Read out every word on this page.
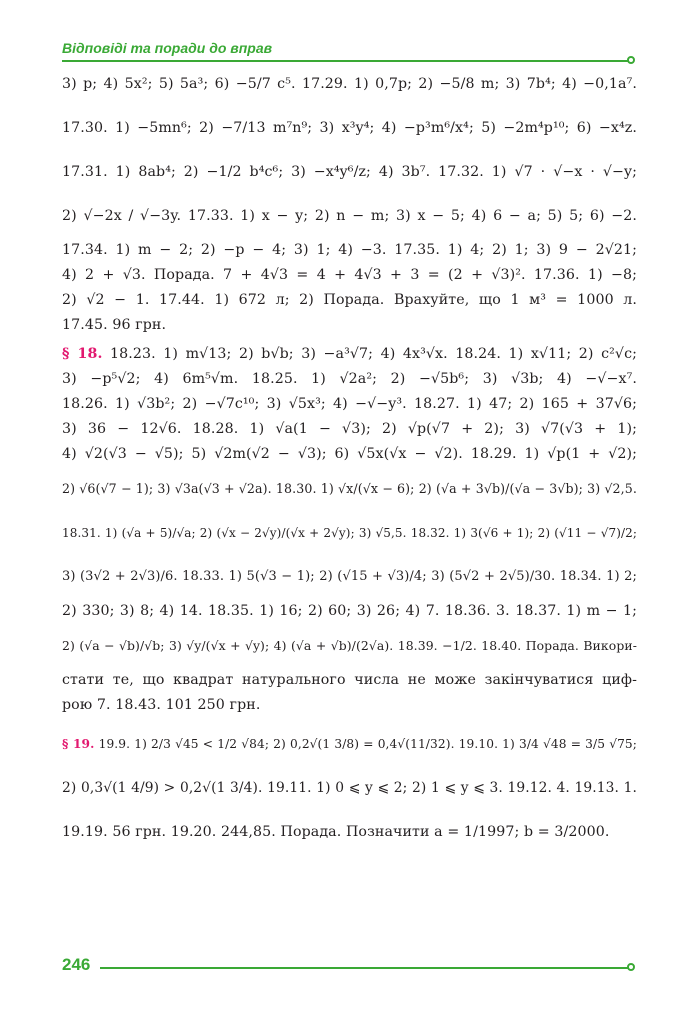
Відповіді та поради до вправ
3) p; 4) 5x²; 5) 5a³; 6) −5/7 c⁵. 17.29. 1) 0,7p; 2) −5/8 m; 3) 7b⁴; 4) −0,1a⁷.
17.30. 1) −5mn⁶; 2) −7/13 m⁷n⁹; 3) x³y⁴; 4) −p³m⁶/x⁴; 5) −2m⁴p¹⁰; 6) −x⁴z.
17.31. 1) 8ab⁴; 2) −1/2 b⁴c⁶; 3) −x⁴y⁶/z; 4) 3b⁷. 17.32. 1) √7 · √−x · √−y;
2) √−2x / √−3y. 17.33. 1) x − y; 2) n − m; 3) x − 5; 4) 6 − a; 5) 5; 6) −2.
17.34. 1) m − 2; 2) −p − 4; 3) 1; 4) −3. 17.35. 1) 4; 2) 1; 3) 9 − 2√21;
4) 2 + √3. Порада. 7 + 4√3 = 4 + 4√3 + 3 = (2 + √3)². 17.36. 1) −8;
2) √2 − 1. 17.44. 1) 672 л; 2) Порада. Врахуйте, що 1 м³ = 1000 л.
17.45. 96 грн.
§ 18. 18.23. 1) m√13; 2) b√b; 3) −a³√7; 4) 4x³√x. 18.24. 1) x√11; 2) c²√c;
3) −p⁵√2; 4) 6m⁵√m. 18.25. 1) √2a²; 2) −√5b⁶; 3) √3b; 4) −√−x⁷.
18.26. 1) √3b²; 2) −√7c¹⁰; 3) √5x³; 4) −√−y³. 18.27. 1) 47; 2) 165 + 37√6;
3) 36 − 12√6. 18.28. 1) √a(1 − √3); 2) √p(√7 + 2); 3) √7(√3 + 1);
4) √2(√3 − √5); 5) √2m(√2 − √3); 6) √5x(√x − √2). 18.29. 1) √p(1 + √2);
2) √6(√7 − 1); 3) √3a(√3 + √2a). 18.30. 1) √x/(√x − 6); 2) (√a + 3√b)/(√a − 3√b); 3) √2,5.
18.31. 1) (√a + 5)/√a; 2) (√x − 2√y)/(√x + 2√y); 3) √5,5. 18.32. 1) 3(√6 + 1); 2) (√11 − √7)/2;
3) (3√2 + 2√3)/6. 18.33. 1) 5(√3 − 1); 2) (√15 + √3)/4; 3) (5√2 + 2√5)/30. 18.34. 1) 2;
2) 330; 3) 8; 4) 14. 18.35. 1) 16; 2) 60; 3) 26; 4) 7. 18.36. 3. 18.37. 1) m − 1;
2) (√a − √b)/√b; 3) √y/(√x + √y); 4) (√a + √b)/(2√a). 18.39. −1/2. 18.40. Порада. Викори-
стати те, що квадрат натурального числа не може закінчуватися циф-
рою 7. 18.43. 101 250 грн.
§ 19. 19.9. 1) 2/3 √45 < 1/2 √84; 2) 0,2√(1 3/8) = 0,4√(11/32). 19.10. 1) 3/4 √48 = 3/5 √75;
2) 0,3√(1 4/9) > 0,2√(1 3/4). 19.11. 1) 0 ⩽ y ⩽ 2; 2) 1 ⩽ y ⩽ 3. 19.12. 4. 19.13. 1.
19.19. 56 грн. 19.20. 244,85. Порада. Позначити a = 1/1997; b = 3/2000.
246
